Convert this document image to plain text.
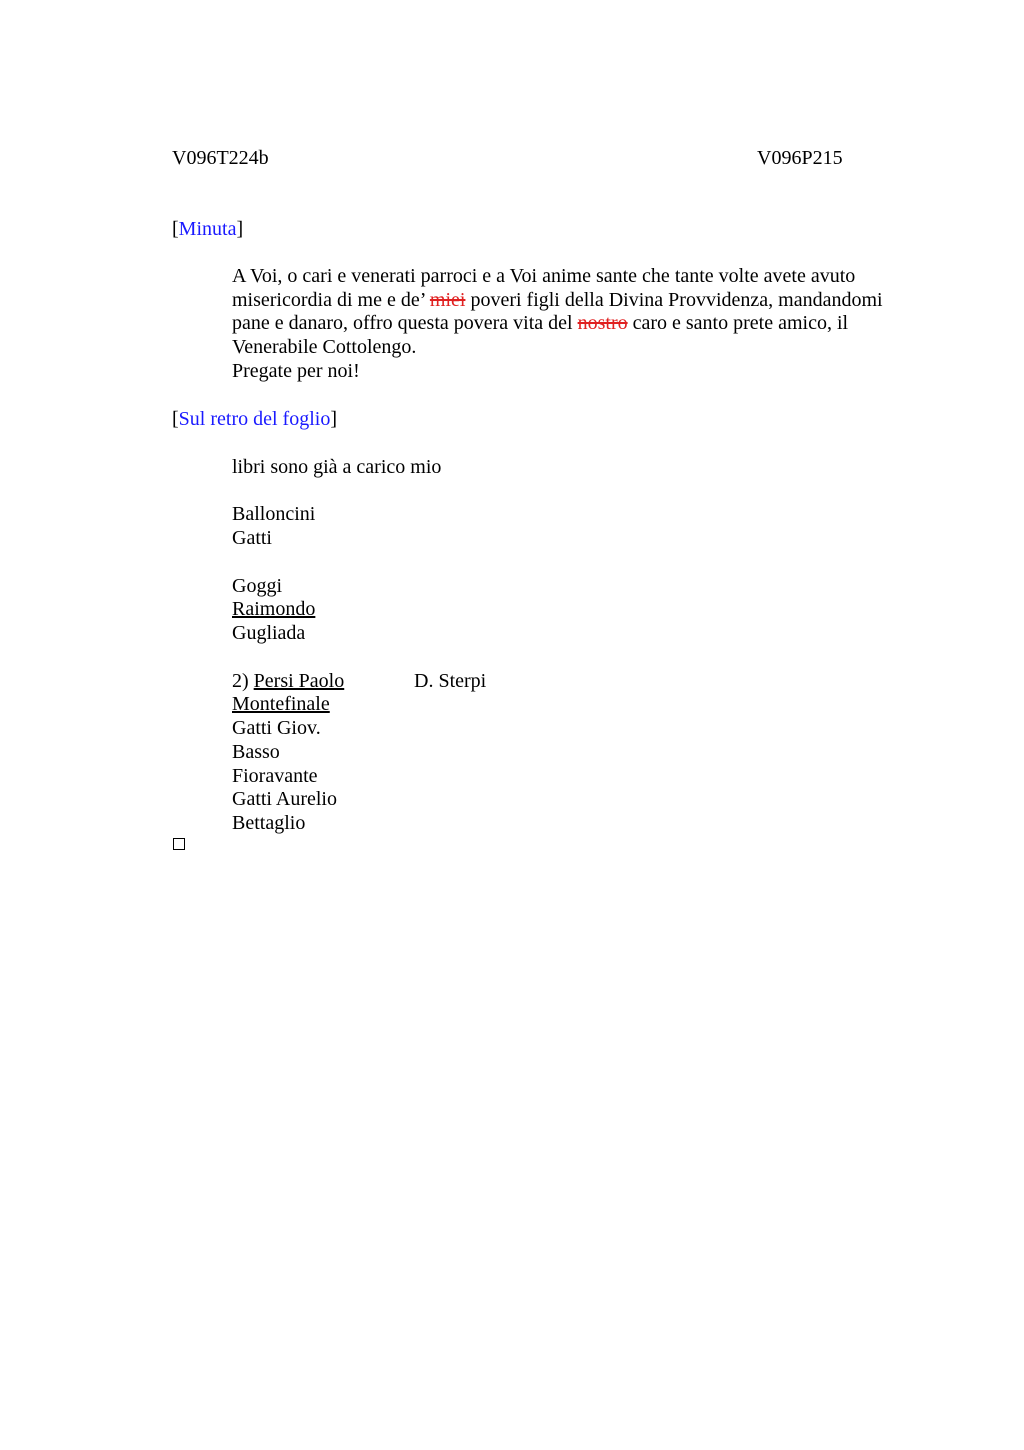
V096T224b	V096P215
[Minuta]
A Voi, o cari e venerati parroci e a Voi anime sante che tante volte avete avuto misericordia di me e de’ miei poveri figli della Divina Provvidenza, mandandomi pane e danaro, offro questa povera vita del nostro caro e santo prete amico, il Venerabile Cottolengo.
Pregate per noi!
[Sul retro del foglio]
libri sono già a carico mio
Balloncini
Gatti
Goggi
Raimondo
Gugliada
2) Persi Paolo	D. Sterpi
Montefinale
Gatti Giov.
Basso
Fioravante
Gatti Aurelio
Bettaglio
